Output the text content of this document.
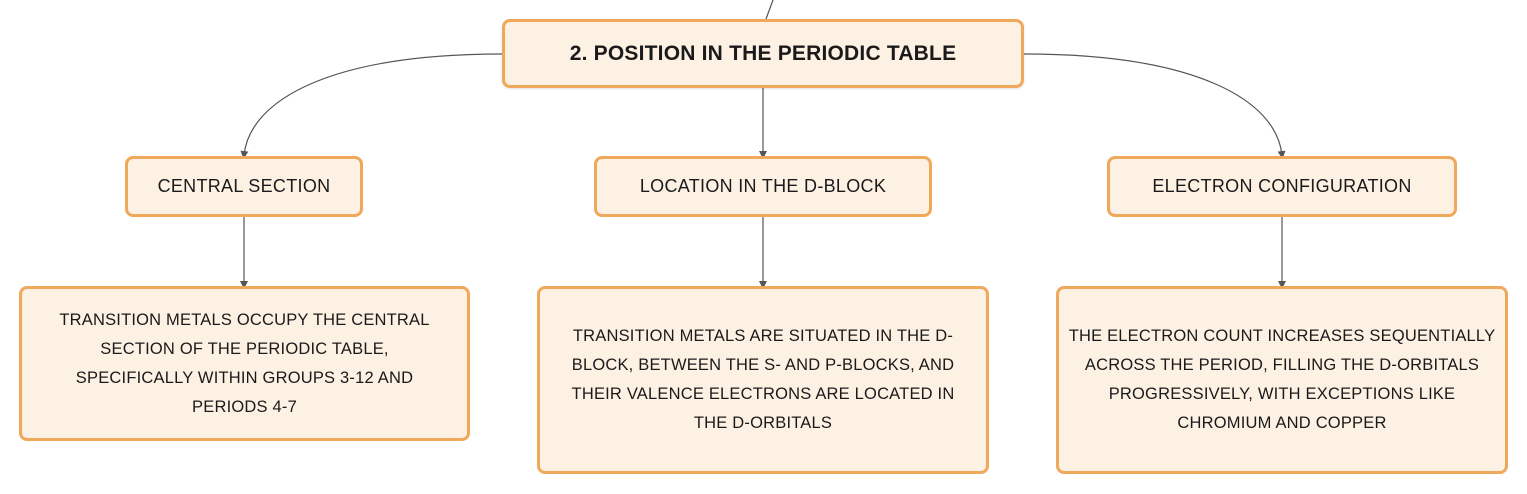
2. POSITION IN THE PERIODIC TABLE
CENTRAL SECTION	LOCATION IN THE D-BLOCK	ELECTRON CONFIGURATION
TRANSITION METALS OCCUPY THE CENTRAL SECTION OF THE PERIODIC TABLE, SPECIFICALLY WITHIN GROUPS 3-12 AND PERIODS 4-7
TRANSITION METALS ARE SITUATED IN THE D-BLOCK, BETWEEN THE S- AND P-BLOCKS, AND THEIR VALENCE ELECTRONS ARE LOCATED IN THE D-ORBITALS
THE ELECTRON COUNT INCREASES SEQUENTIALLY ACROSS THE PERIOD, FILLING THE D-ORBITALS PROGRESSIVELY, WITH EXCEPTIONS LIKE CHROMIUM AND COPPER
